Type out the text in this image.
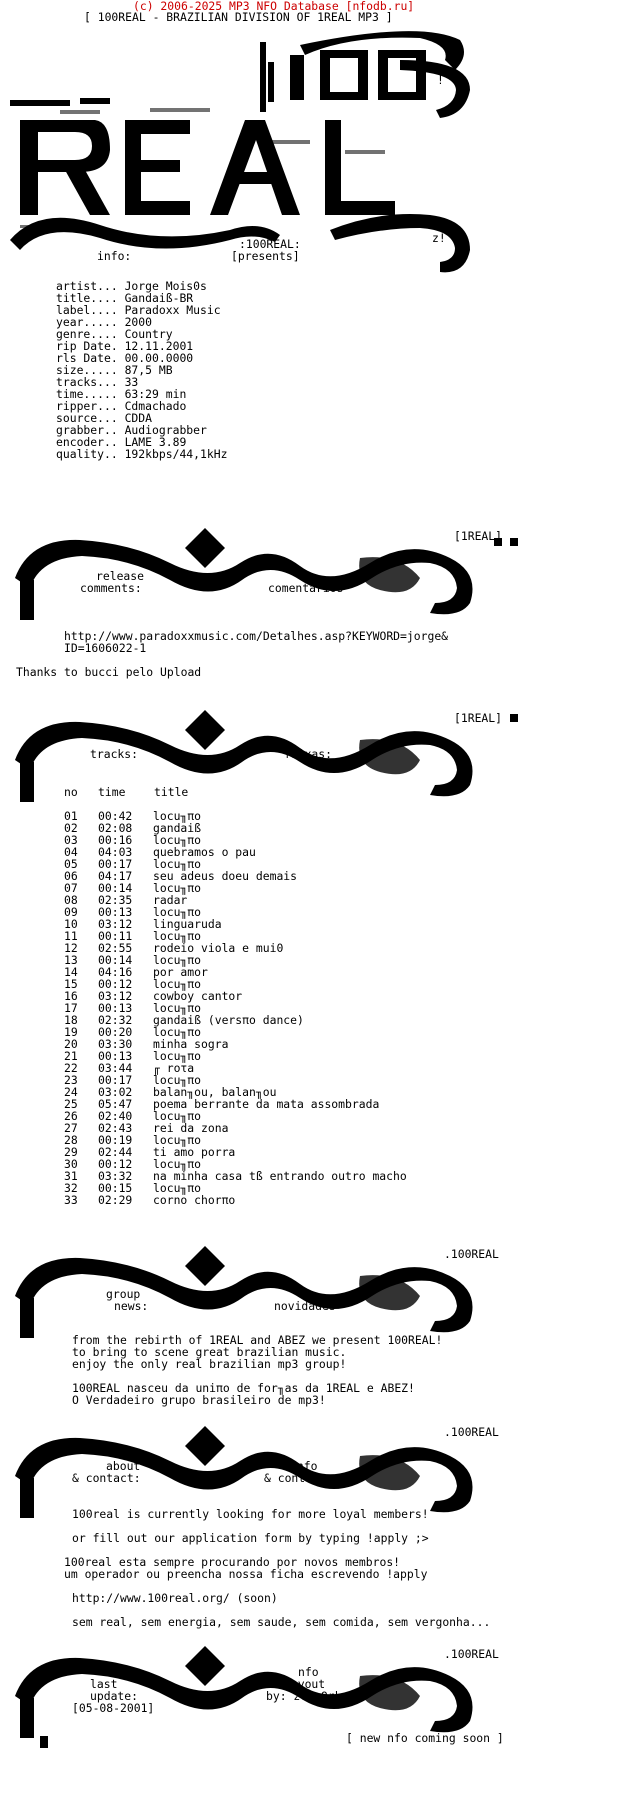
(c) 2006-2025 MP3 NFO Database [nfodb.ru]
[ 100REAL - BRAZILIAN DIVISION OF 1REAL MP3 ]
!
z!
:100REAL:
info:	[presents]
artist... Jorge Mois0s
title.... Gandaiß-BR
label.... Paradoxx Music
year..... 2000
genre.... Country
rip Date. 12.11.2001
rls Date. 00.00.0000
size..... 87,5 MB
tracks... 33
time..... 63:29 min
ripper... Cdmachado
source... CDDA
grabber.. Audiograbber
encoder.. LAME 3.89
quality.. 192kbps/44,1kHz
[1REAL]
release
comments:	comentarios
http://www.paradoxxmusic.com/Detalhes.asp?KEYWORD=jorge&
ID=1606022-1
Thanks to bucci pelo Upload
[1REAL]
tracks:	faixas:
no time	title
01 00:42 locu╖πo
02 02:08 gandaiß
03 00:16 locu╖πo
04 04:03 quebramos o pau
05 00:17 locu╖πo
06 04:17 seu adeus doeu demais
07 00:14 locu╖πo
08 02:35 radar
09 00:13 locu╖πo
10 03:12 linguaruda
11 00:11 locu╖πo
12 02:55 rodeio viola e mui0
13 00:14 locu╖πo
14 04:16 por amor
15 00:12 locu╖πo
16 03:12 cowboy cantor
17 00:13 locu╖πo
18 02:32 gandaiß (versπo dance)
19 00:20 locu╖πo
20 03:30 minha sogra
21 00:13 locu╖πo
22 03:44 ╓ roτa
23 00:17 locu╖πo
24 03:02 balan╖ou, balan╖ou
25 05:47 poema berrante da mata assombrada
26 02:40 locu╖πo
27 02:43 rei da zona
28 00:19 locu╖πo
29 02:44 ti amo porra
30 00:12 locu╖πo
31 03:32 na minha casa tß entrando outro macho
32 00:15 locu╖πo
33 02:29 corno chorπo
.100REAL
group
news:	novidades
from the rebirth of 1REAL and ABEZ we present 100REAL!
to bring to scene great brazilian music.
enjoy the only real brazilian mp3 group!
100REAL nasceu da uniπo de for╖as da 1REAL e ABEZ!
O Verdadeiro grupo brasileiro de mp3!
.100REAL
about
& contact:
info
& contato
100real is currently looking for more loyal members!
or fill out our application form by typing !apply ;>
100real esta sempre procurando por novos membros!
um operador ou preencha nossa ficha escrevendo !apply
http://www.100real.org/ (soon)
sem real, sem energia, sem saude, sem comida, sem vergonha...
.100REAL
last
update:
[05-08-2001]
nfo
layout
by: z0oyOrk
[ new nfo coming soon ]
